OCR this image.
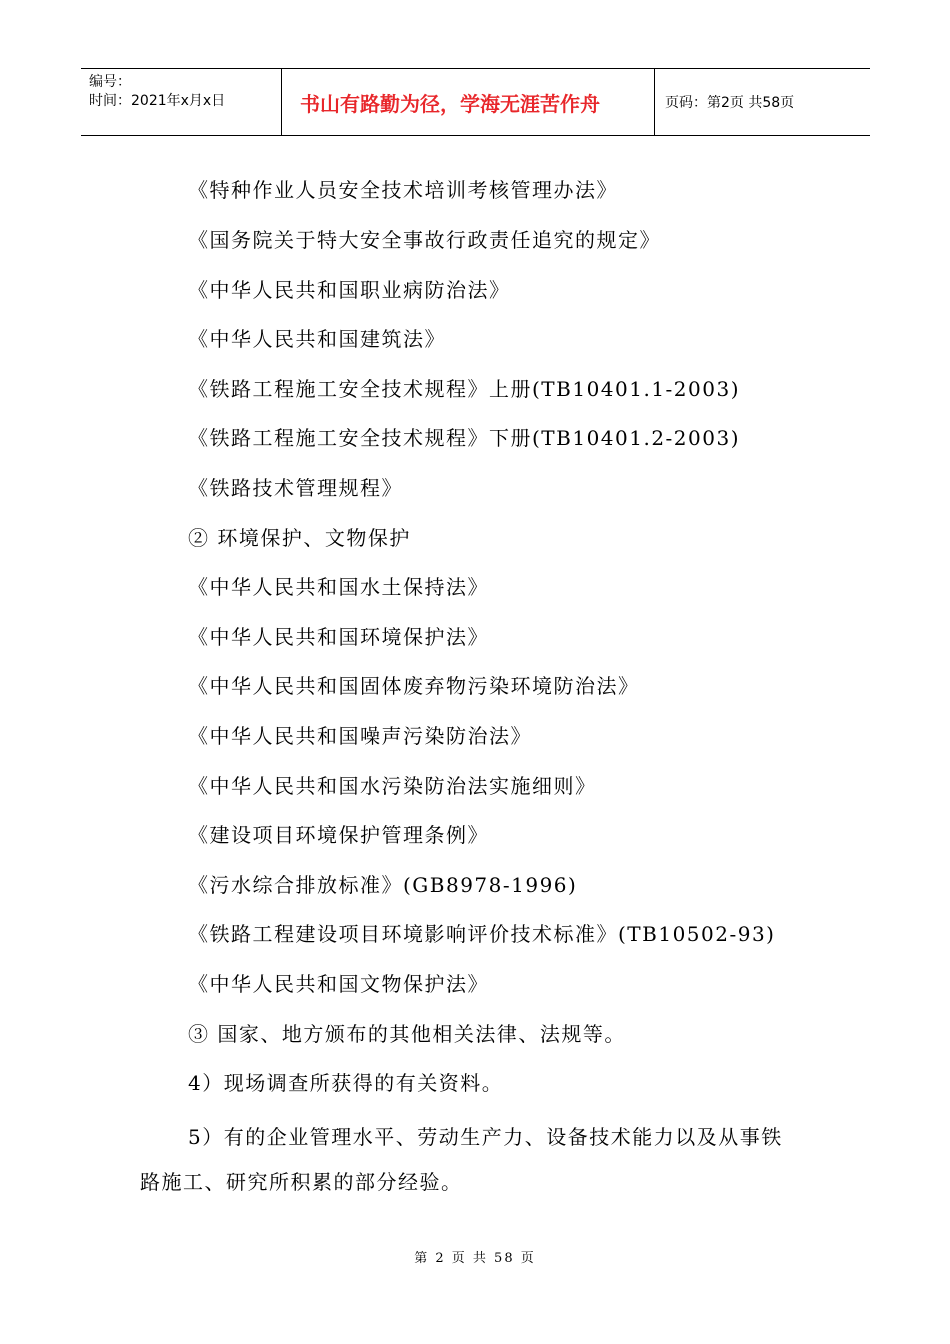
编号：
时间：2021年x月x日	书山有路勤为径，学海无涯苦作舟	页码：第2页 共58页
《特种作业人员安全技术培训考核管理办法》
《国务院关于特大安全事故行政责任追究的规定》
《中华人民共和国职业病防治法》
《中华人民共和国建筑法》
《铁路工程施工安全技术规程》上册(TB10401.1-2003)
《铁路工程施工安全技术规程》下册(TB10401.2-2003)
《铁路技术管理规程》
② 环境保护、文物保护
《中华人民共和国水土保持法》
《中华人民共和国环境保护法》
《中华人民共和国固体废弃物污染环境防治法》
《中华人民共和国噪声污染防治法》
《中华人民共和国水污染防治法实施细则》
《建设项目环境保护管理条例》
《污水综合排放标准》(GB8978-1996)
《铁路工程建设项目环境影响评价技术标准》(TB10502-93)
《中华人民共和国文物保护法》
③ 国家、地方颁布的其他相关法律、法规等。
4）现场调查所获得的有关资料。
5）有的企业管理水平、劳动生产力、设备技术能力以及从事铁
路施工、研究所积累的部分经验。
第 2 页 共 58 页
